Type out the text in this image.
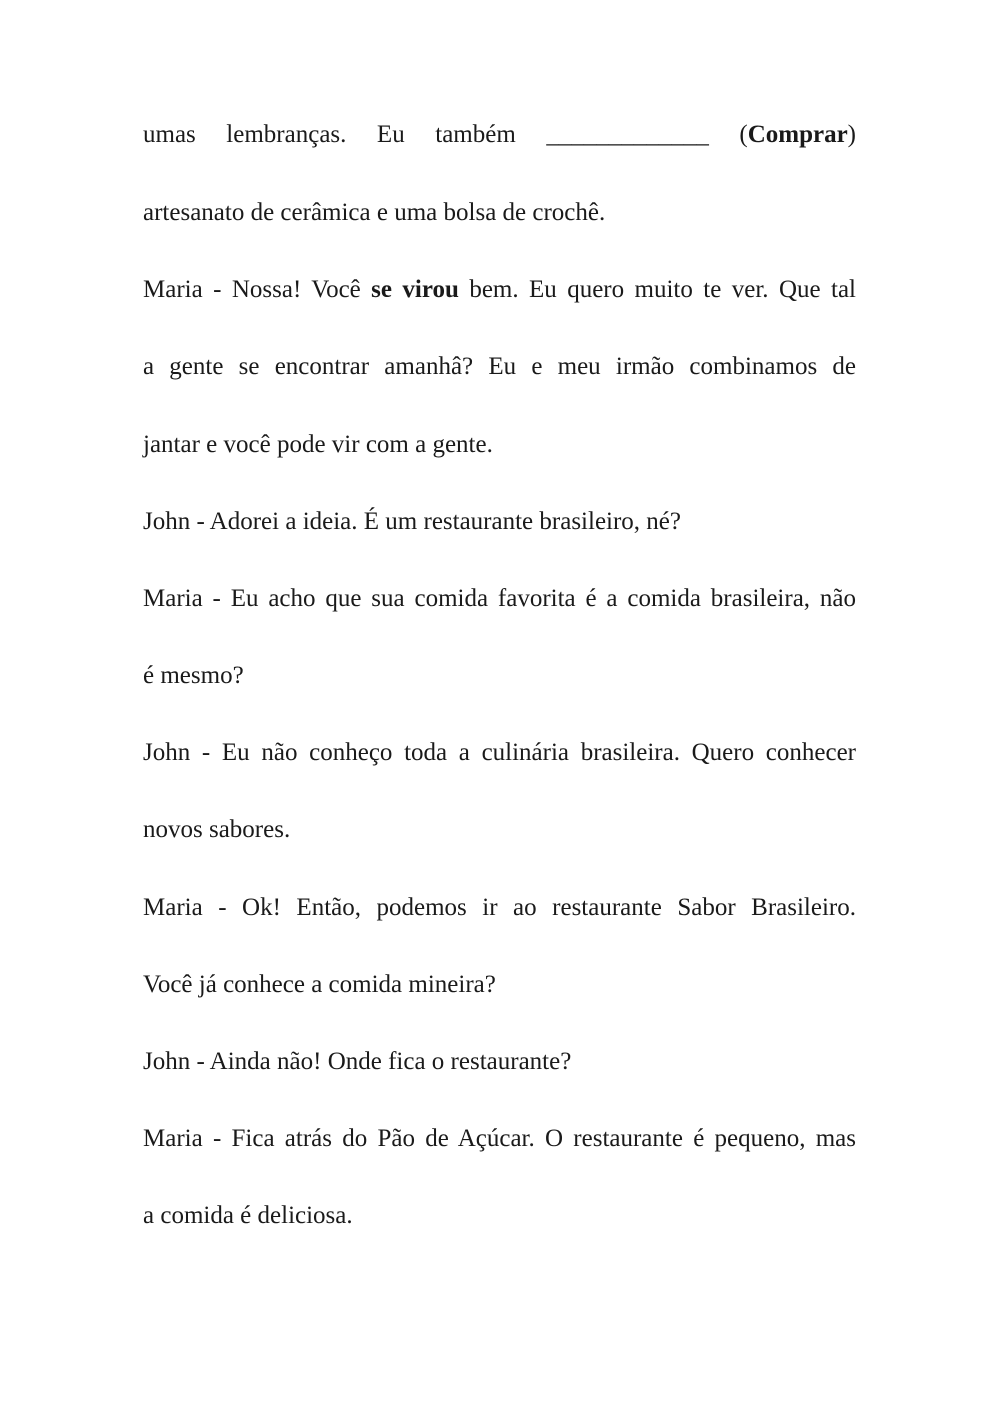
umas lembranças. Eu também _____________ (Comprar)
artesanato de cerâmica e uma bolsa de crochê.
Maria - Nossa! Você se virou bem. Eu quero muito te ver. Que tal
a gente se encontrar amanhâ? Eu e meu irmão combinamos de
jantar e você pode vir com a gente.
John - Adorei a ideia. É um restaurante brasileiro, né?
Maria - Eu acho que sua comida favorita é a comida brasileira, não
é mesmo?
John - Eu não conheço toda a culinária brasileira. Quero conhecer
novos sabores.
Maria - Ok! Então, podemos ir ao restaurante Sabor Brasileiro.
Você já conhece a comida mineira?
John - Ainda não! Onde fica o restaurante?
Maria - Fica atrás do Pão de Açúcar. O restaurante é pequeno, mas
a comida é deliciosa.
